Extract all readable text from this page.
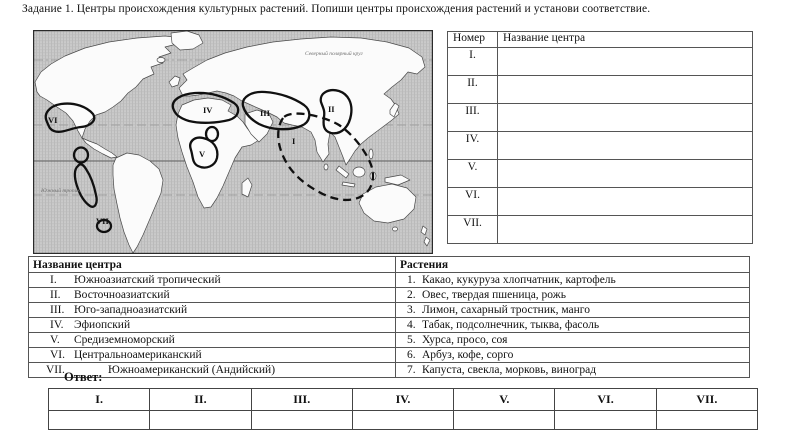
Задание 1. Центры происхождения культурных растений. Попиши центры происхождения растений и установи соответствие.
I
II
III
IV
V
VI
VII
Северный полярный круг
Южный тропик
Номер	Название центра
I.	
II.	
III.	
IV.	
V.	
VI.	
VII.	
Название центра	Растения
I. Южноазиатский тропический	1. Какао, кукуруза хлопчатник, картофель
II. Восточноазиатский	2. Овес, твердая пшеница, рожь
III. Юго-западноазиатский	3. Лимон, сахарный тростник, манго
IV. Эфиопский	4. Табак, подсолнечник, тыква, фасоль
V. Средиземноморский	5. Хурса, просо, соя
VI. Центральноамериканский	6. Арбуз, кофе, сорго
VII. Южноамериканский (Андийский)	7. Капуста, свекла, морковь, виноград
Ответ:
I.	II.	III.	IV.	V.	VI.	VII.
